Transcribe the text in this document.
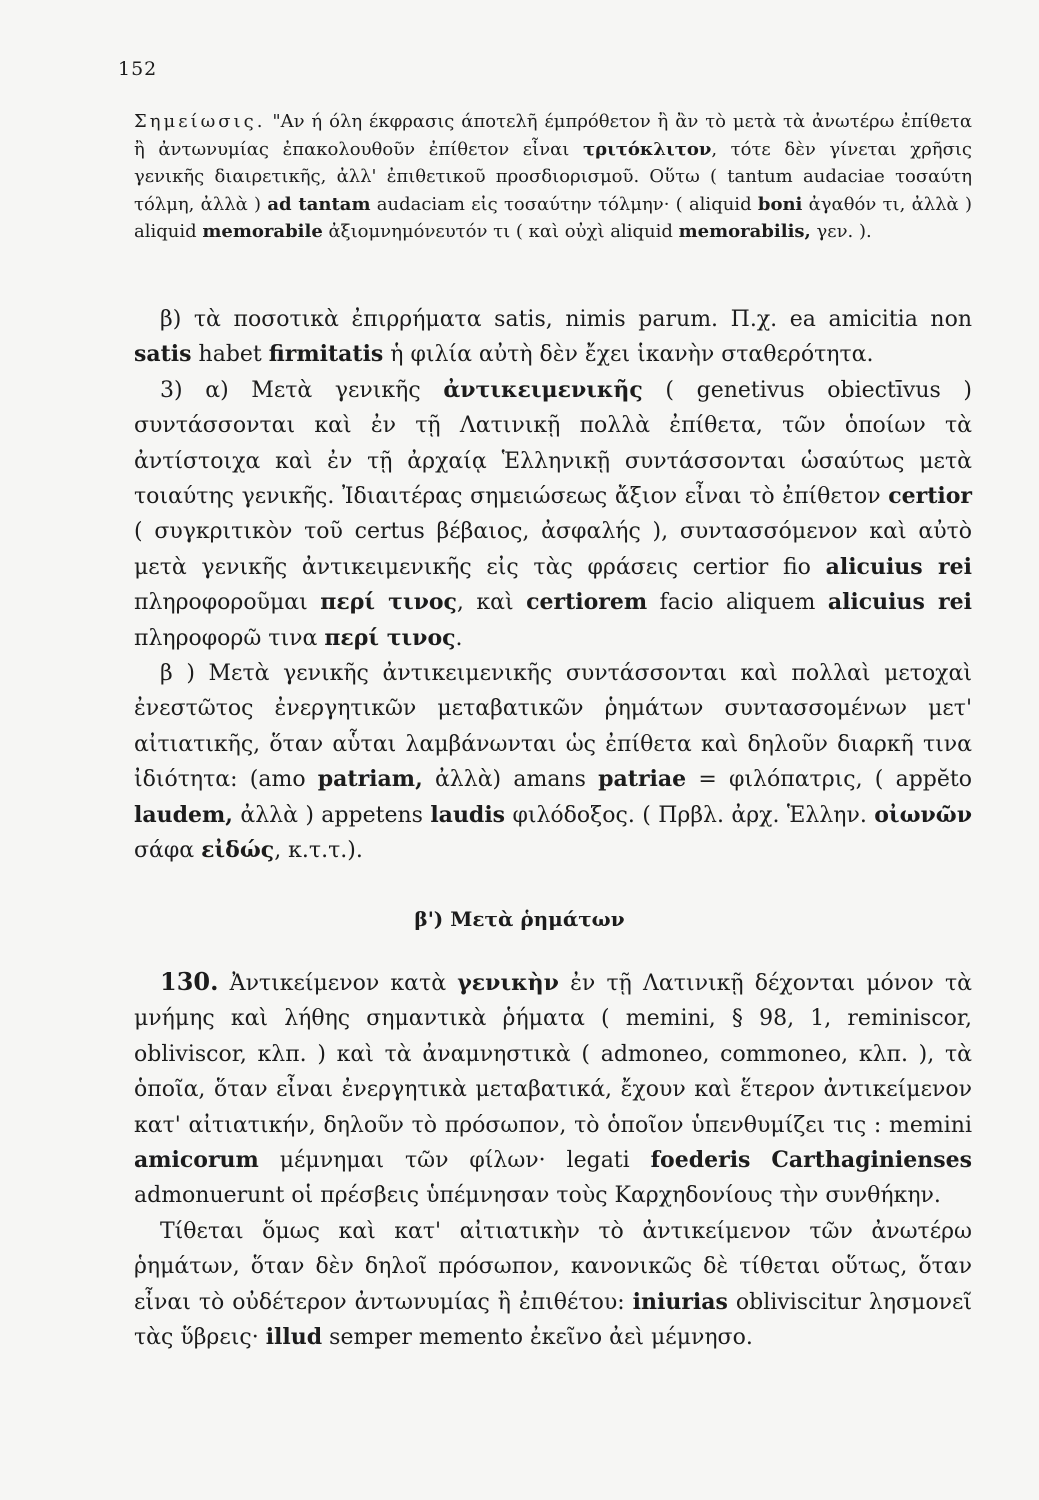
152

Σημείωσις. "Αν ή όλη έκφρασις άποτελῆ έμπρόθετον ἢ ἂν τὸ μετὰ τὰ ἀνωτέρω ἐπίθετα ἢ ἀντωνυμίας ἐπακολουθοῦν ἐπίθετον εἶναι τριτόκλιτον, τότε δὲν γίνεται χρῆσις γενικῆς διαιρετικῆς, ἀλλ' ἐπιθετικοῦ προσδιορισμοῦ. Οὕτω ( tantum audaciae τοσαύτη τόλμη, ἀλλὰ ) ad tantam audaciam εἰς τοσαύτην τόλμην· ( aliquid boni ἀγαθόν τι, ἀλλὰ ) aliquid memorabile ἀξιομνημόνευτόν τι ( καὶ οὐχὶ aliquid memorabilis, γεν. ).

β) τὰ ποσοτικὰ ἐπιρρήματα satis, nimis parum. Π.χ. ea amicitia non satis habet firmitatis ἡ φιλία αὐτὴ δὲν ἔχει ἱκανὴν σταθερότητα.

3) α) Μετὰ γενικῆς ἀντικειμενικῆς ( genetivus obiectīvus ) συντάσσονται καὶ ἐν τῇ Λατινικῇ πολλὰ ἐπίθετα, τῶν ὁποίων τὰ ἀντίστοιχα καὶ ἐν τῇ ἀρχαίᾳ Ἑλληνικῇ συντάσσονται ὡσαύτως μετὰ τοιαύτης γενικῆς. Ἰδιαιτέρας σημειώσεως ἄξιον εἶναι τὸ ἐπίθετον certior ( συγκριτικὸν τοῦ certus βέβαιος, ἀσφαλής ), συντασσόμενον καὶ αὐτὸ μετὰ γενικῆς ἀντικειμενικῆς εἰς τὰς φράσεις certior fio alicuius rei πληροφοροῦμαι περί τινος, καὶ certiorem facio aliquem alicuius rei πληροφορῶ τινα περί τινος.

β ) Μετὰ γενικῆς ἀντικειμενικῆς συντάσσονται καὶ πολλαὶ μετοχαὶ ἐνεστῶτος ἐνεργητικῶν μεταβατικῶν ῥημάτων συντασσομένων μετ' αἰτιατικῆς, ὅταν αὗται λαμβάνωνται ὡς ἐπίθετα καὶ δηλοῦν διαρκῆ τινα ἰδιότητα: (amo patriam, ἀλλὰ) amans patriae = φιλόπατρις, ( appĕto laudem, ἀλλὰ ) appetens laudis φιλόδοξος. ( Πρβλ. ἀρχ. Ἑλλην. οἰωνῶν σάφα εἰδώς, κ.τ.τ.).

β') Μετὰ ῥημάτων

130. Ἀντικείμενον κατὰ γενικὴν ἐν τῇ Λατινικῇ δέχονται μόνον τὰ μνήμης καὶ λήθης σημαντικὰ ῥήματα ( memini, § 98, 1, reminiscor, obliviscor, κλπ. ) καὶ τὰ ἀναμνηστικὰ ( admoneo, commoneo, κλπ. ), τὰ ὁποῖα, ὅταν εἶναι ἐνεργητικὰ μεταβατικά, ἔχουν καὶ ἕτερον ἀντικείμενον κατ' αἰτιατικήν, δηλοῦν τὸ πρόσωπον, τὸ ὁποῖον ὑπενθυμίζει τις : memini amicorum μέμνημαι τῶν φίλων· legati foederis Carthaginienses admonuerunt οἱ πρέσβεις ὑπέμνησαν τοὺς Καρχηδονίους τὴν συνθήκην.

Τίθεται ὅμως καὶ κατ' αἰτιατικὴν τὸ ἀντικείμενον τῶν ἀνωτέρω ῥημάτων, ὅταν δὲν δηλοῖ πρόσωπον, κανονικῶς δὲ τίθεται οὕτως, ὅταν εἶναι τὸ οὐδέτερον ἀντωνυμίας ἢ ἐπιθέτου: iniurias obliviscitur λησμονεῖ τὰς ὕβρεις· illud semper memento ἐκεῖνο ἀεὶ μέμνησο.
